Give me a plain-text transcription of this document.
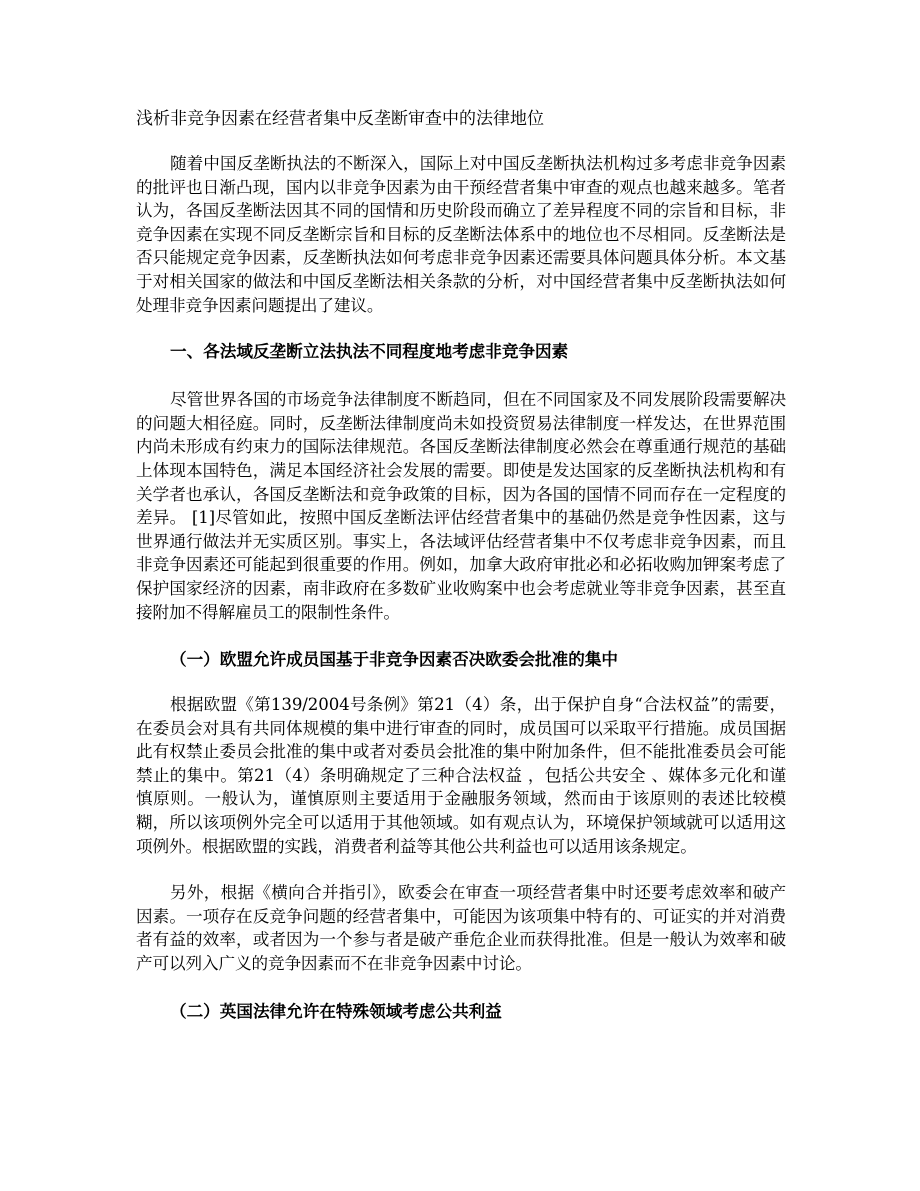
浅析非竞争因素在经营者集中反垄断审查中的法律地位

随着中国反垄断执法的不断深入，国际上对中国反垄断执法机构过多考虑非竞争因素的批评也日渐凸现，国内以非竞争因素为由干预经营者集中审查的观点也越来越多。笔者认为，各国反垄断法因其不同的国情和历史阶段而确立了差异程度不同的宗旨和目标，非竞争因素在实现不同反垄断宗旨和目标的反垄断法体系中的地位也不尽相同。反垄断法是否只能规定竞争因素，反垄断执法如何考虑非竞争因素还需要具体问题具体分析。本文基于对相关国家的做法和中国反垄断法相关条款的分析，对中国经营者集中反垄断执法如何处理非竞争因素问题提出了建议。

一、各法域反垄断立法执法不同程度地考虑非竞争因素

尽管世界各国的市场竞争法律制度不断趋同，但在不同国家及不同发展阶段需要解决的问题大相径庭。同时，反垄断法律制度尚未如投资贸易法律制度一样发达，在世界范围内尚未形成有约束力的国际法律规范。各国反垄断法律制度必然会在尊重通行规范的基础上体现本国特色，满足本国经济社会发展的需要。即使是发达国家的反垄断执法机构和有关学者也承认，各国反垄断法和竞争政策的目标，因为各国的国情不同而存在一定程度的差异。 [1]尽管如此，按照中国反垄断法评估经营者集中的基础仍然是竞争性因素，这与世界通行做法并无实质区别。事实上，各法域评估经营者集中不仅考虑非竞争因素，而且非竞争因素还可能起到很重要的作用。例如，加拿大政府审批必和必拓收购加钾案考虑了保护国家经济的因素，南非政府在多数矿业收购案中也会考虑就业等非竞争因素，甚至直接附加不得解雇员工的限制性条件。

（一）欧盟允许成员国基于非竞争因素否决欧委会批准的集中

根据欧盟《第139/2004号条例》第21（4）条，出于保护自身“合法权益”的需要，在委员会对具有共同体规模的集中进行审查的同时，成员国可以采取平行措施。成员国据此有权禁止委员会批准的集中或者对委员会批准的集中附加条件，但不能批准委员会可能禁止的集中。第21（4）条明确规定了三种合法权益 ，包括公共安全 、媒体多元化和谨慎原则。一般认为，谨慎原则主要适用于金融服务领域，然而由于该原则的表述比较模糊，所以该项例外完全可以适用于其他领域。如有观点认为，环境保护领域就可以适用这项例外。根据欧盟的实践，消费者利益等其他公共利益也可以适用该条规定。

另外，根据《横向合并指引》，欧委会在审查一项经营者集中时还要考虑效率和破产因素。一项存在反竞争问题的经营者集中，可能因为该项集中特有的、可证实的并对消费者有益的效率，或者因为一个参与者是破产垂危企业而获得批准。但是一般认为效率和破产可以列入广义的竞争因素而不在非竞争因素中讨论。

（二）英国法律允许在特殊领域考虑公共利益
